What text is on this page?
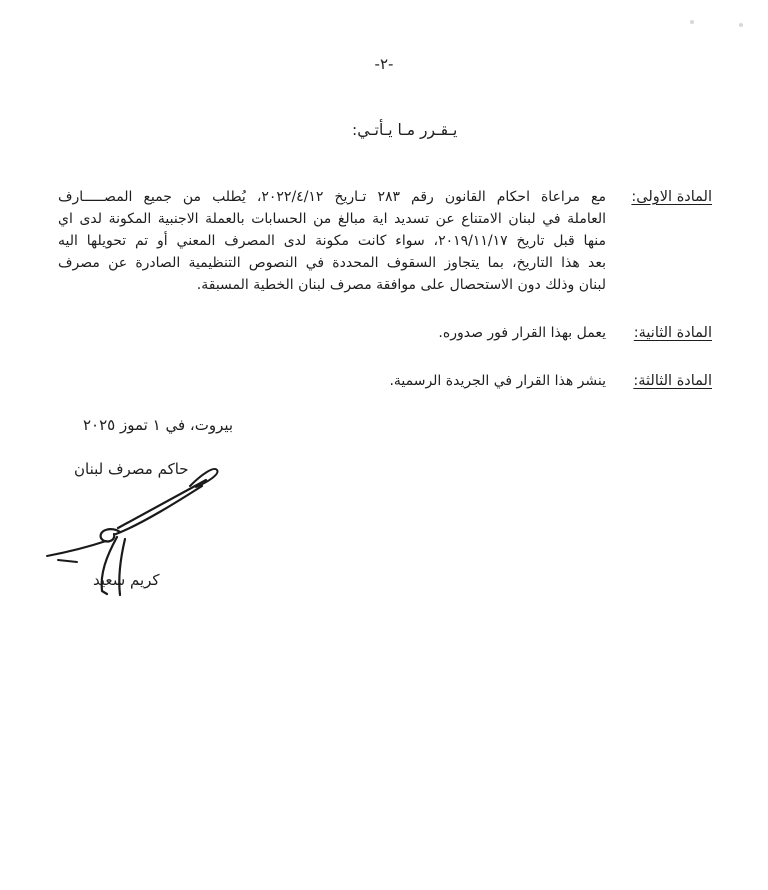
-٢-
يـقـرر مـا يـأتـي:
المادة الاولى:
مع مراعاة احكام القانون رقم ٢٨٣ تـاريخ ٢٠٢٢/٤/١٢، يُطلب من جميع المصـــــارف
العاملة في لبنان الامتناع عن تسديد اية مبالغ من الحسابات بالعملة الاجنبية المكونة لدى اي
منها قبل تاريخ ٢٠١٩/١١/١٧، سواء كانت مكونة لدى المصرف المعني أو تم تحويلها اليه
بعد هذا التاريخ، بما يتجاوز السقوف المحددة في النصوص التنظيمية الصادرة عن مصرف
لبنان وذلك دون الاستحصال على موافقة مصرف لبنان الخطية المسبقة.
المادة الثانية:
يعمل بهذا القرار فور صدوره.
المادة الثالثة:
ينشر هذا القرار في الجريدة الرسمية.
بيروت، في ١ تموز ٢٠٢٥
حاكم مصرف لبنان
كريم سعيد
